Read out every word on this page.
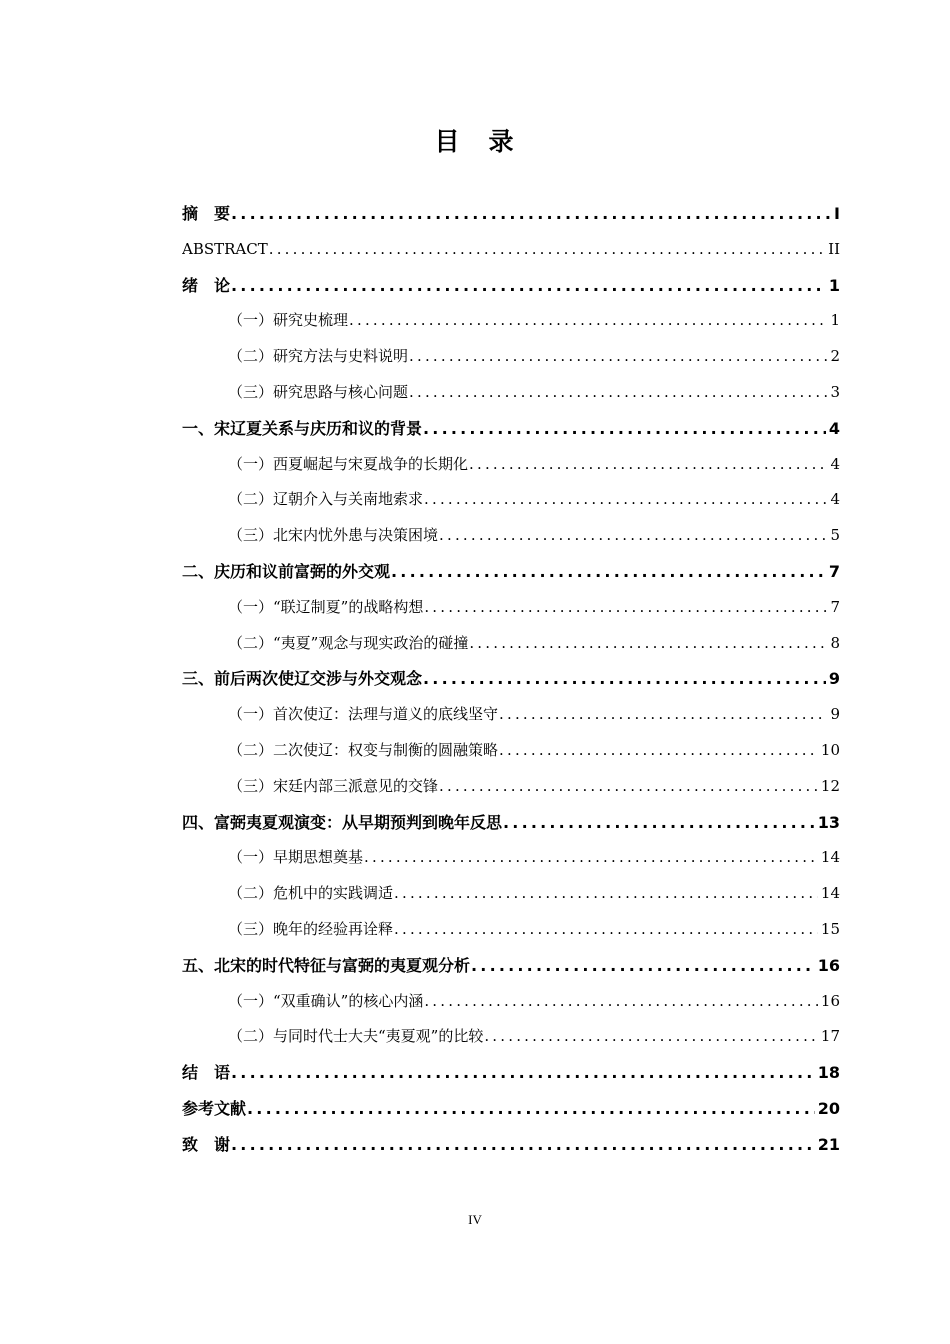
目　录
摘　要 .....	I
ABSTRACT .....	II
绪　论 .....	1
（一）研究史梳理 .....	1
（二）研究方法与史料说明 .....	2
（三）研究思路与核心问题 .....	3
一、宋辽夏关系与庆历和议的背景 .....	4
（一）西夏崛起与宋夏战争的长期化 .....	4
（二）辽朝介入与关南地索求 .....	4
（三）北宋内忧外患与决策困境 .....	5
二、庆历和议前富弼的外交观 .....	7
（一）“联辽制夏”的战略构想 .....	7
（二）“夷夏”观念与现实政治的碰撞 .....	8
三、前后两次使辽交涉与外交观念 .....	9
（一）首次使辽：法理与道义的底线坚守 .....	9
（二）二次使辽：权变与制衡的圆融策略 .....	10
（三）宋廷内部三派意见的交锋 .....	12
四、富弼夷夏观演变：从早期预判到晚年反思 .....	13
（一）早期思想奠基 .....	14
（二）危机中的实践调适 .....	14
（三）晚年的经验再诠释 .....	15
五、北宋的时代特征与富弼的夷夏观分析 .....	16
（一）“双重确认”的核心内涵 .....	16
（二）与同时代士大夫“夷夏观”的比较 .....	17
结　语 .....	18
参考文献 .....	20
致　谢 .....	21
IV
